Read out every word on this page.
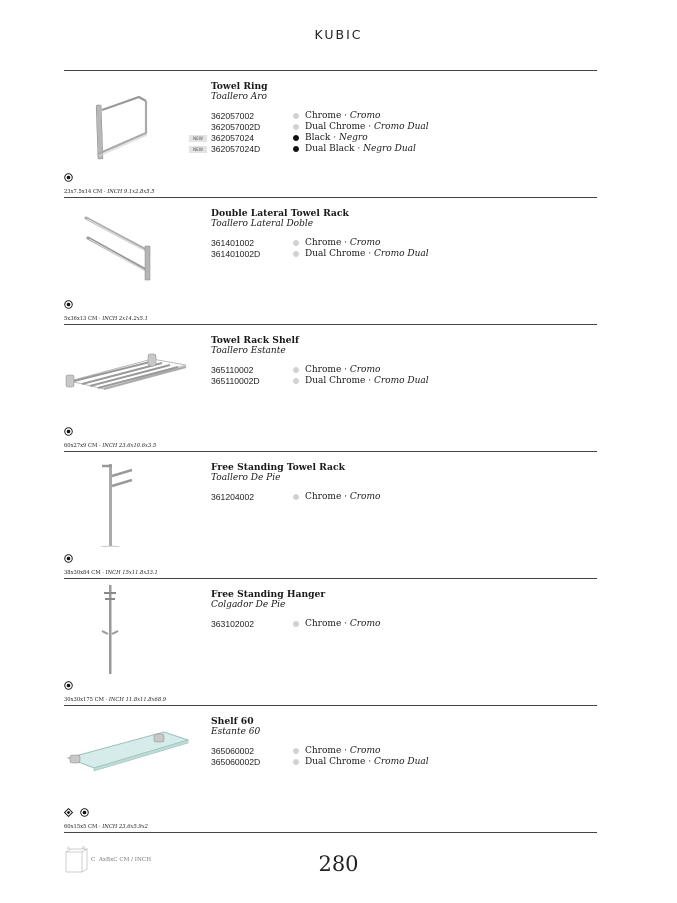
KUBIC
Towel Ring
Toallero Aro
362057002	Chrome · Cromo
362057002D	Dual Chrome · Cromo Dual
NEW 362057024	Black · Negro
NEW 362057024D	Dual Black · Negro Dual
23x7.5x14 CM · INCH 9.1x2.8x5.5
Double Lateral Towel Rack
Toallero Lateral Doble
361401002	Chrome · Cromo
361401002D	Dual Chrome · Cromo Dual
5x36x13 CM · INCH 2x14.2x5.1
Towel Rack Shelf
Toallero Estante
365110002	Chrome · Cromo
365110002D	Dual Chrome · Cromo Dual
60x27x9 CM · INCH 23.6x10.6x3.5
Free Standing Towel Rack
Toallero De Pie
361204002	Chrome · Cromo
38x30x84 CM · INCH 15x11.8x33.1
Free Standing Hanger
Colgador De Pie
363102002	Chrome · Cromo
30x30x175 CM · INCH 11.8x11.8x68.9
Shelf 60
Estante 60
365060002	Chrome · Cromo
365060002D	Dual Chrome · Cromo Dual

60x15x5 CM · INCH 23.6x5.9x2
A	B
C AxBxC CM / INCH	280
